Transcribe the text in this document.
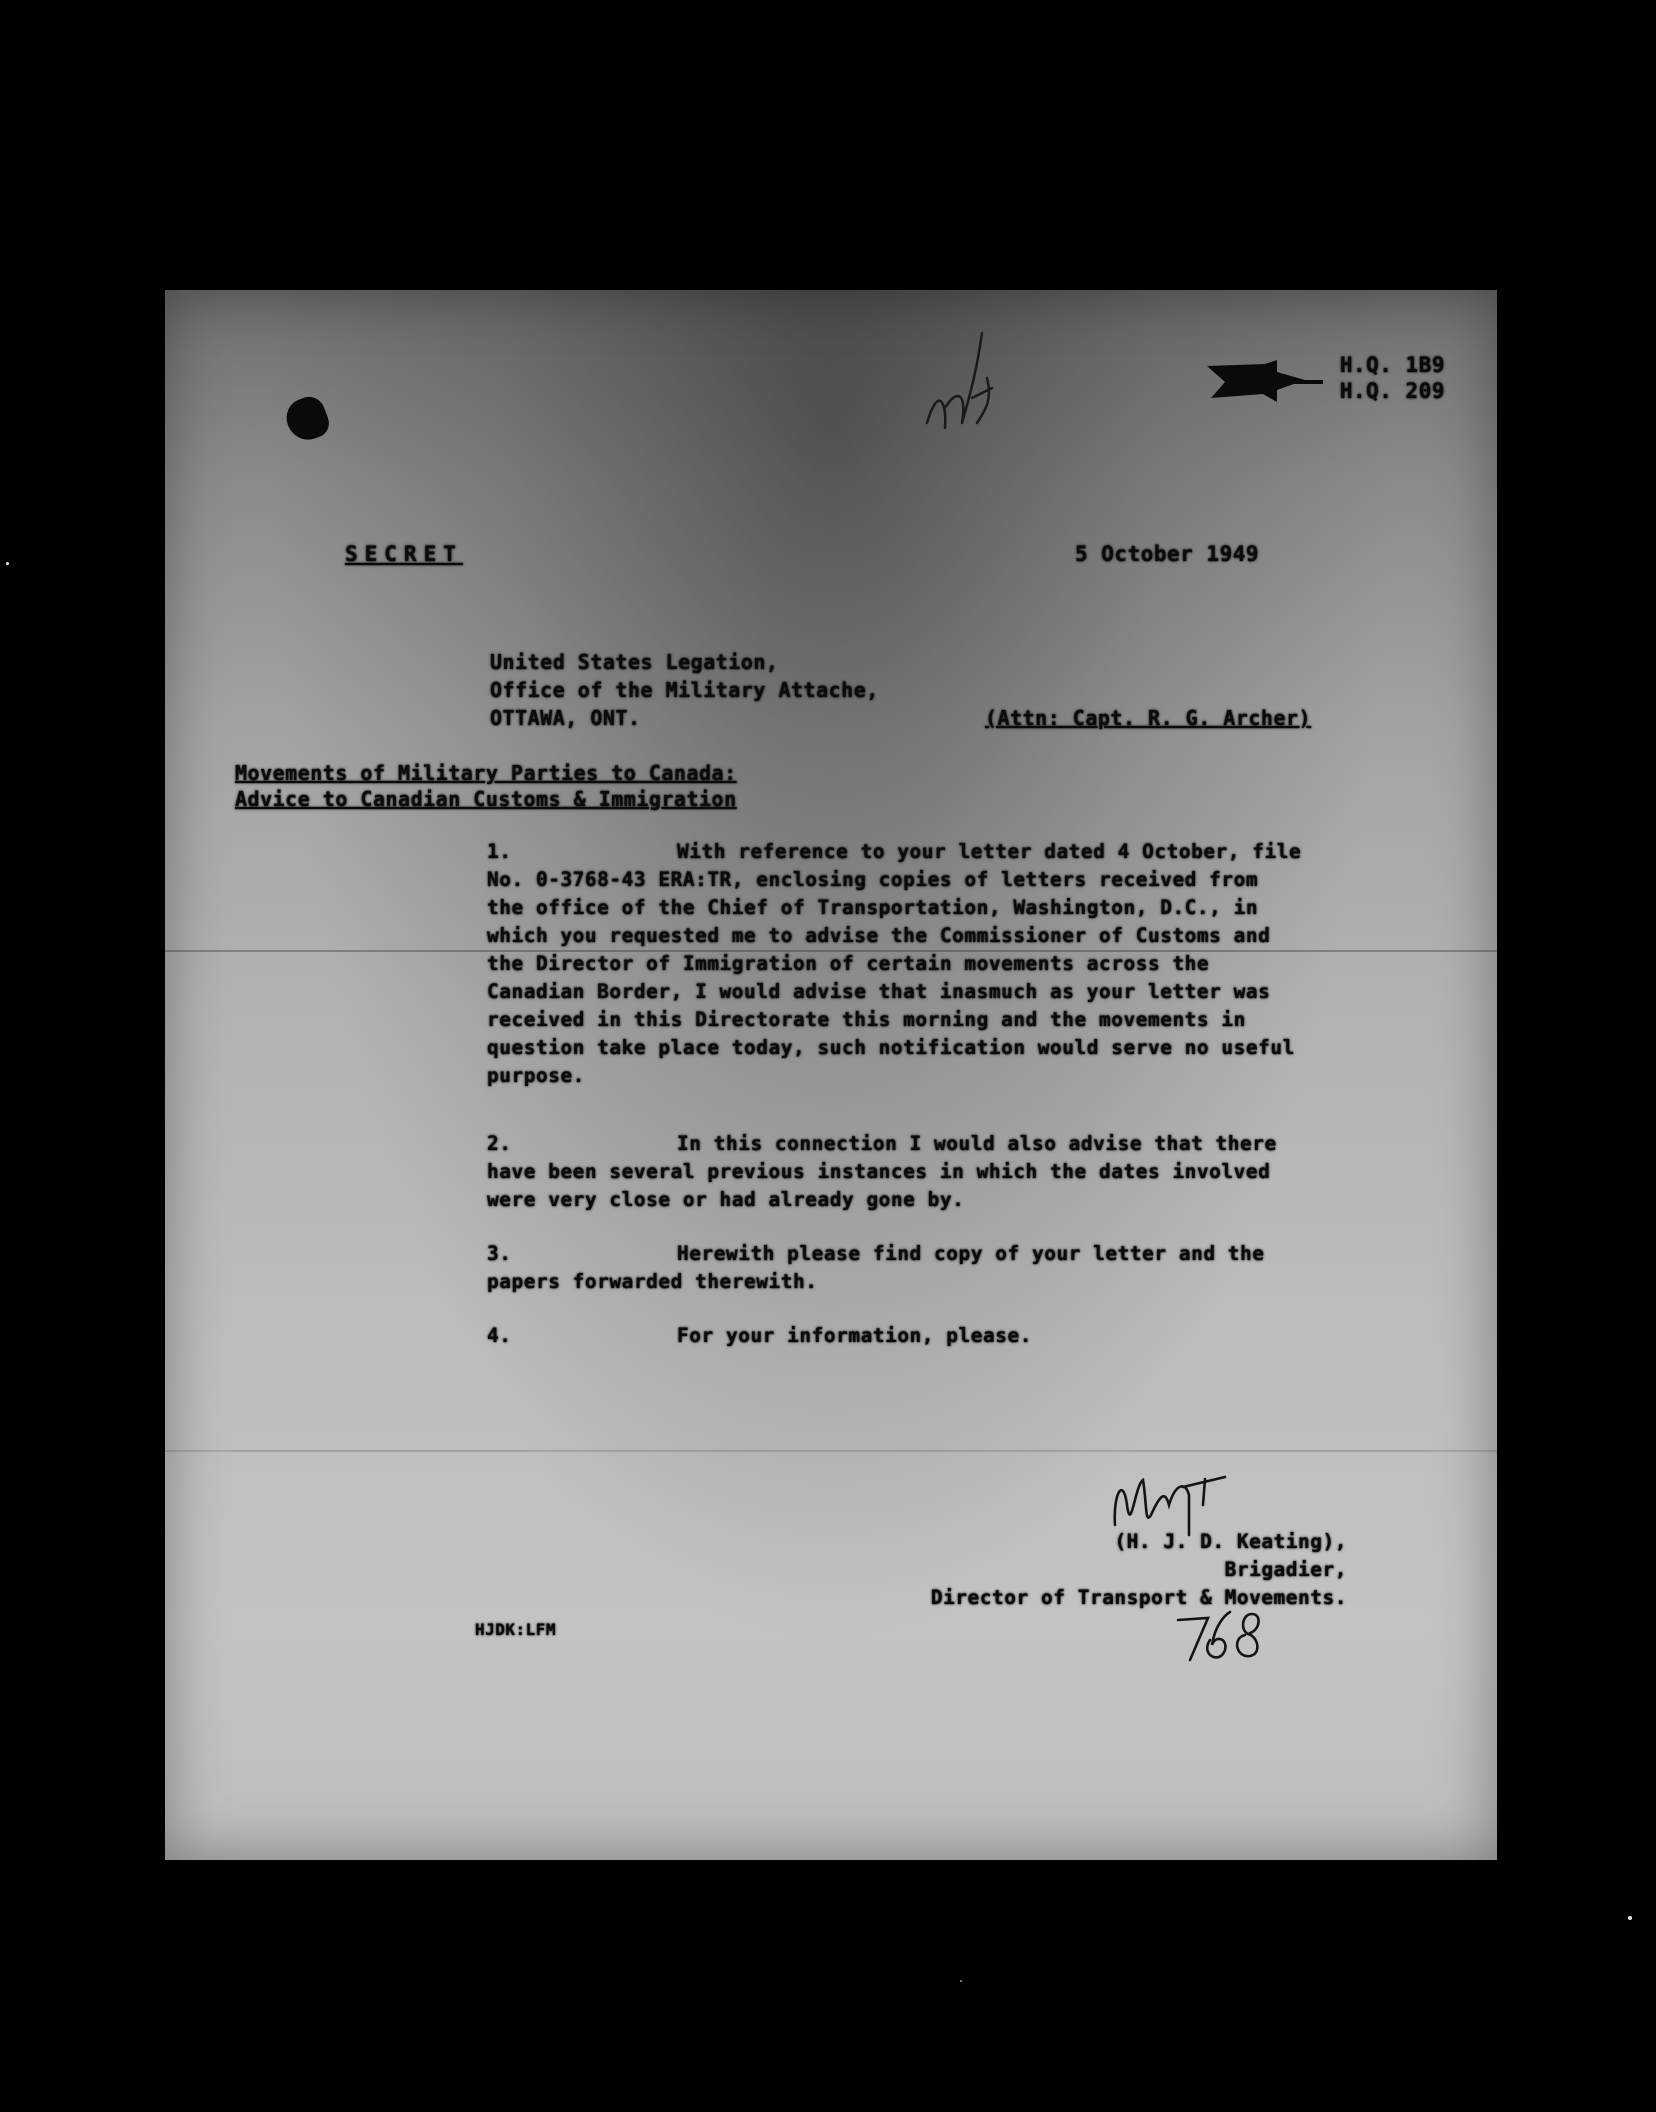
H.Q. 1B9
H.Q. 209
SECRET	5 October 1949
United States Legation,
Office of the Military Attache,
OTTAWA, ONT.	(Attn: Capt. R. G. Archer)
Movements of Military Parties to Canada:
Advice to Canadian Customs & Immigration
1.	With reference to your letter dated 4 October, file
No. 0-3768-43 ERA:TR, enclosing copies of letters received from
the office of the Chief of Transportation, Washington, D.C., in
which you requested me to advise the Commissioner of Customs and
the Director of Immigration of certain movements across the
Canadian Border, I would advise that inasmuch as your letter was
received in this Directorate this morning and the movements in
question take place today, such notification would serve no useful
purpose.
2.	In this connection I would also advise that there
have been several previous instances in which the dates involved
were very close or had already gone by.
3.	Herewith please find copy of your letter and the
papers forwarded therewith.
4.	For your information, please.
(H. J. D. Keating),
Brigadier,
Director of Transport & Movements.
HJDK:LFM
